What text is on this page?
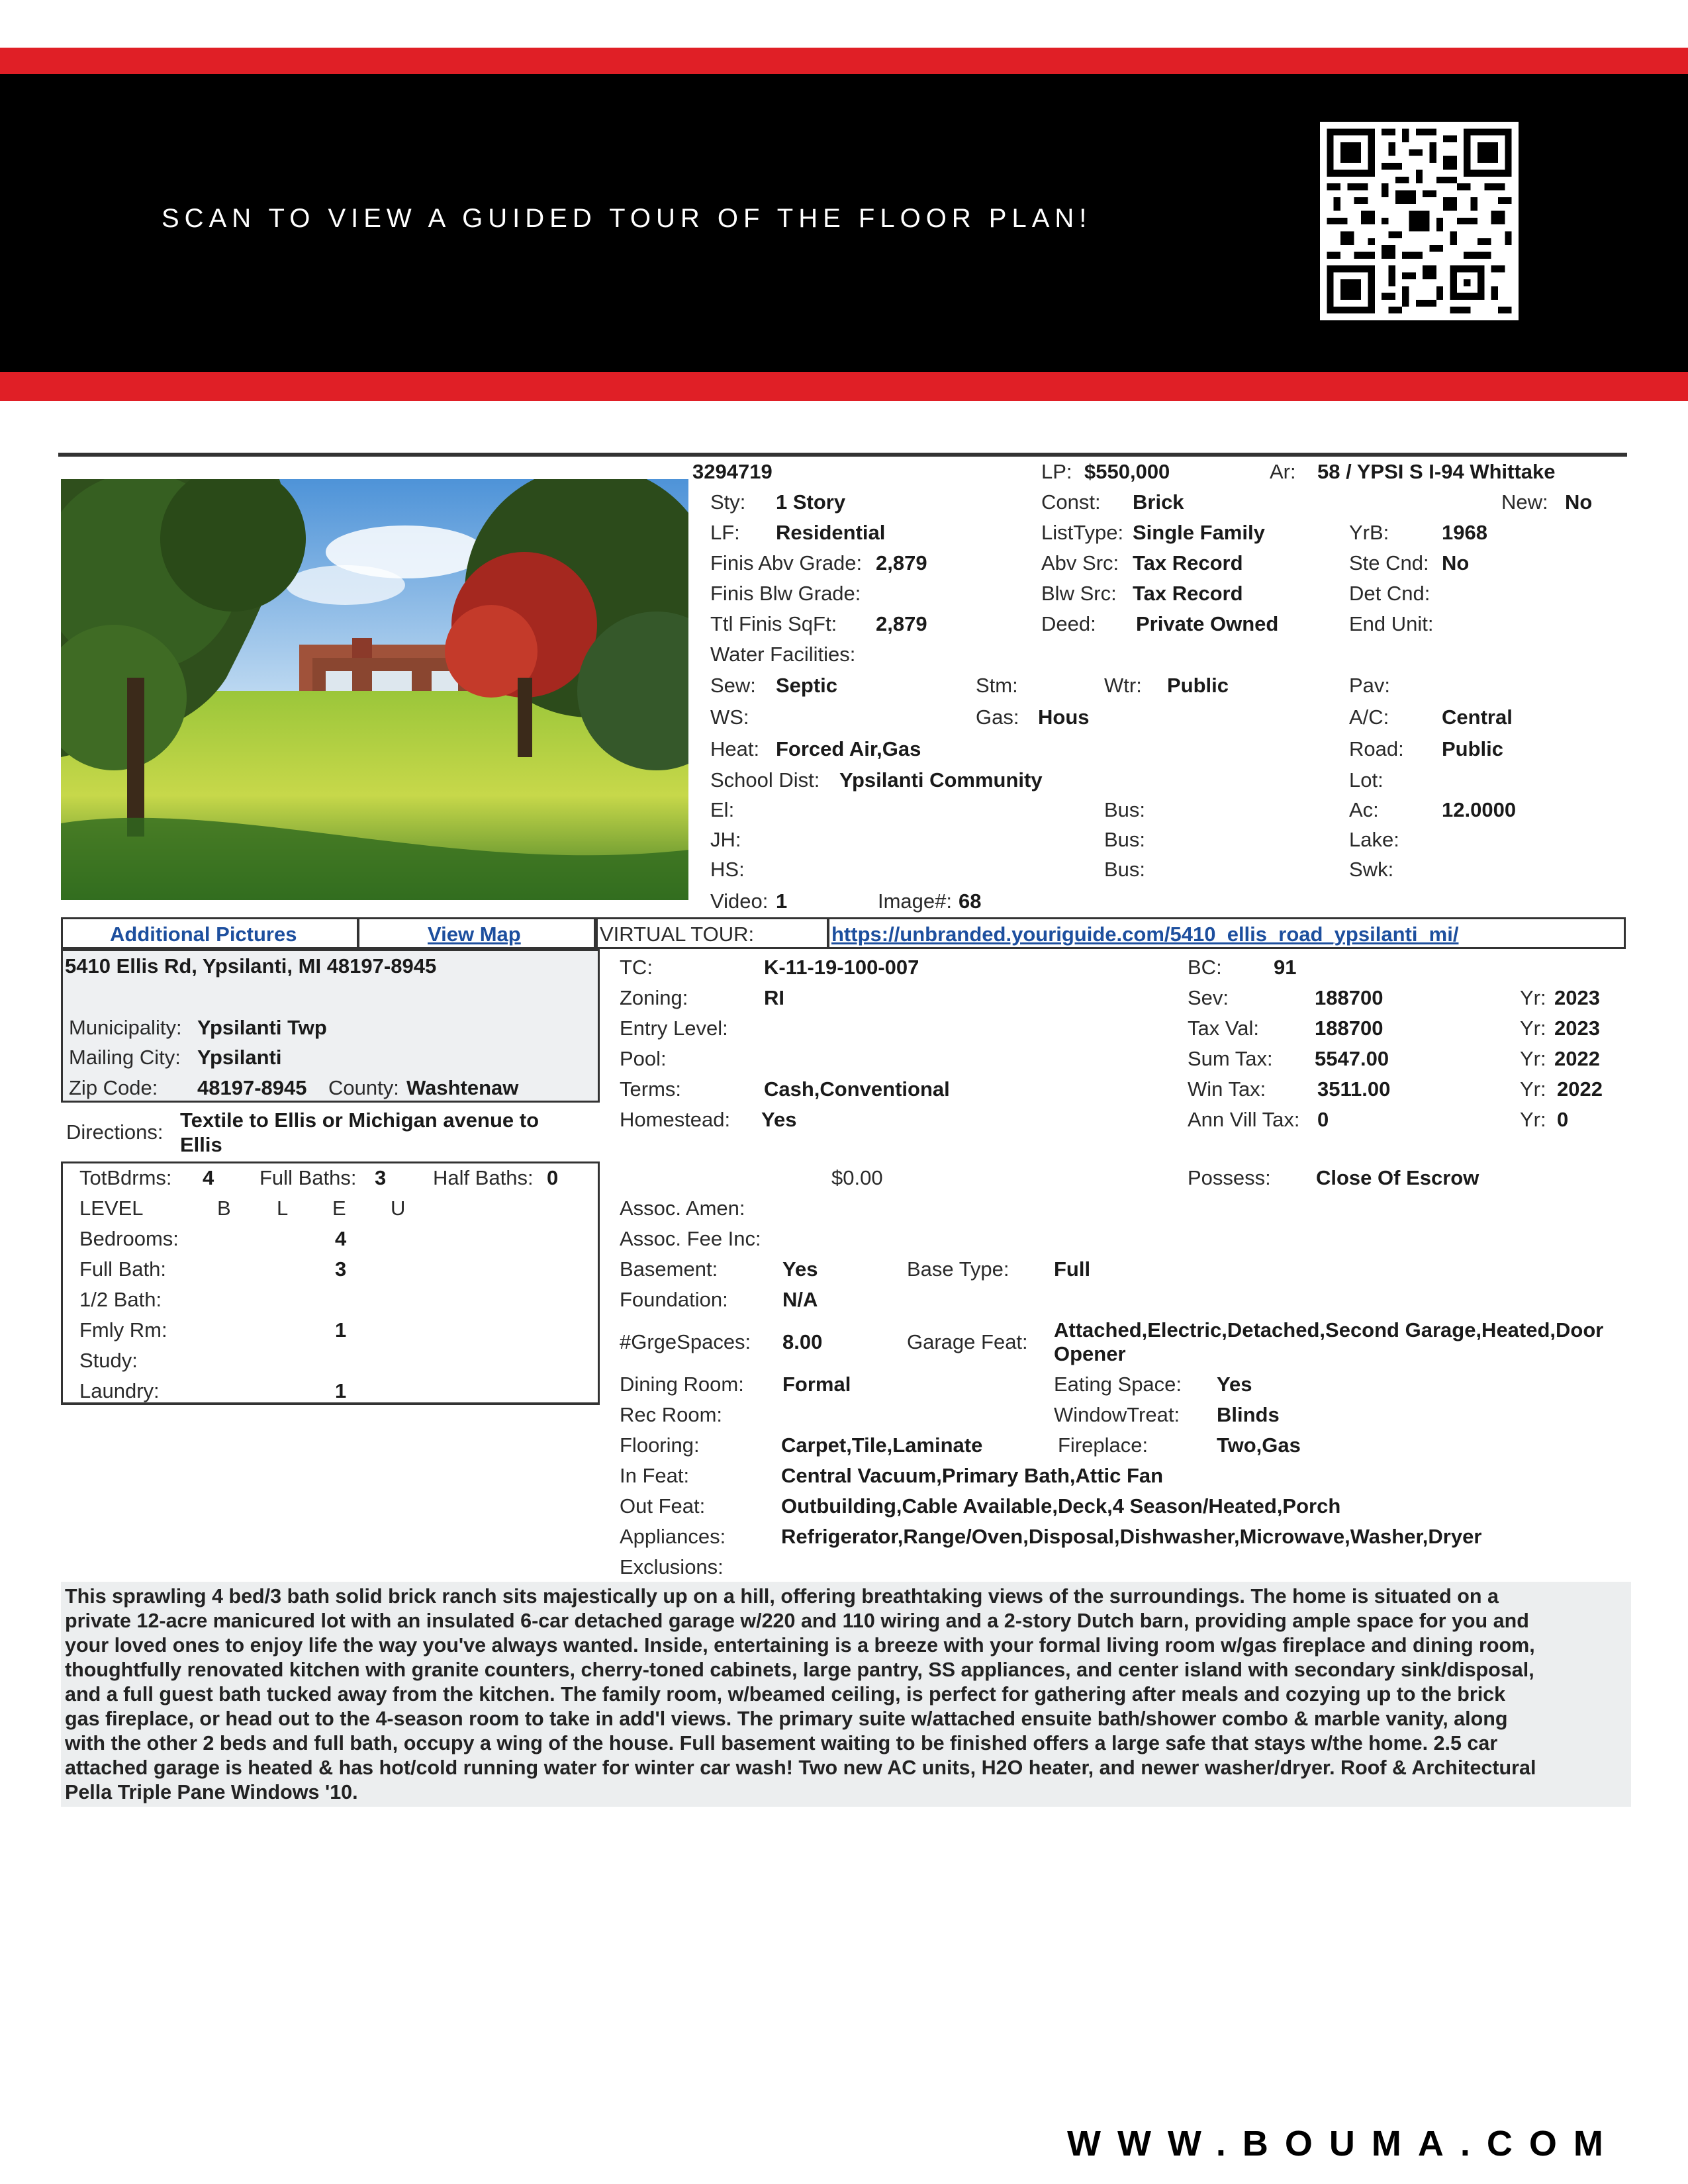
SCAN TO VIEW A GUIDED TOUR OF THE FLOOR PLAN!
3294719	LP: $550,000	Ar: 58 / YPSI S I-94 Whittake
Sty: 1 Story	Const: Brick	New: No
LF: Residential	ListType: Single Family	YrB:	1968
Finis Abv Grade: 2,879	Abv Src: Tax Record	Ste Cnd: No
Finis Blw Grade:	Blw Src: Tax Record	Det Cnd:
Ttl Finis SqFt: 2,879	Deed: Private Owned	End Unit:
Water Facilities:
Sew: Septic	Stm:	Wtr: Public	Pav:
WS:	Gas: Hous	A/C:	Central
Heat: Forced Air,Gas	Road: Public
School Dist: Ypsilanti Community	Lot:
El:	Bus:	Ac:	12.0000
JH:	Bus:	Lake:
HS:	Bus:	Swk:
Video: 1	Image#: 68
Additional Pictures	View Map	VIRTUAL TOUR:	https://unbranded.youriguide.com/5410_ellis_road_ypsilanti_mi/
5410 Ellis Rd, Ypsilanti, MI 48197-8945
Municipality: Ypsilanti Twp
Mailing City: Ypsilanti
Zip Code: 48197-8945 County: Washtenaw
Directions:
Textile to Ellis or Michigan avenue to
Ellis
TC:	K-11-19-100-007	BC:	91
Zoning:	RI	Sev:	188700	Yr: 2023
Entry Level:	Tax Val:	188700	Yr: 2023
Pool:	Sum Tax: 5547.00	Yr: 2022
Terms:	Cash,Conventional	Win Tax:	3511.00	Yr: 2022
Homestead: Yes	Ann Vill Tax: 0	Yr: 0
TotBdrms: 4 Full Baths: 3 Half Baths: 0
LEVEL	B L E U
Bedrooms:	4
Full Bath:	3
1/2 Bath:
Fmly Rm:	1
Study:
Laundry:	1
$0.00	Possess: Close Of Escrow
Assoc. Amen:
Assoc. Fee Inc:
Basement:	Yes	Base Type: Full
Foundation:	N/A
#GrgeSpaces: 8.00	Garage Feat:
Attached,Electric,Detached,Second Garage,Heated,Door
Opener
Dining Room: Formal	Eating Space: Yes
Rec Room:	WindowTreat: Blinds
Flooring:	Carpet,Tile,Laminate	Fireplace:	Two,Gas
In Feat:	Central Vacuum,Primary Bath,Attic Fan
Out Feat:	Outbuilding,Cable Available,Deck,4 Season/Heated,Porch
Appliances:	Refrigerator,Range/Oven,Disposal,Dishwasher,Microwave,Washer,Dryer
Exclusions:
This sprawling 4 bed/3 bath solid brick ranch sits majestically up on a hill, offering breathtaking views of the surroundings. The home is situated on a
private 12-acre manicured lot with an insulated 6-car detached garage w/220 and 110 wiring and a 2-story Dutch barn, providing ample space for you and
your loved ones to enjoy life the way you've always wanted. Inside, entertaining is a breeze with your formal living room w/gas fireplace and dining room,
thoughtfully renovated kitchen with granite counters, cherry-toned cabinets, large pantry, SS appliances, and center island with secondary sink/disposal,
and a full guest bath tucked away from the kitchen. The family room, w/beamed ceiling, is perfect for gathering after meals and cozying up to the brick
gas fireplace, or head out to the 4-season room to take in add'l views. The primary suite w/attached ensuite bath/shower combo & marble vanity, along
with the other 2 beds and full bath, occupy a wing of the house. Full basement waiting to be finished offers a large safe that stays w/the home. 2.5 car
attached garage is heated & has hot/cold running water for winter car wash! Two new AC units, H2O heater, and newer washer/dryer. Roof & Architectural
Pella Triple Pane Windows '10.
WWW.BOUMA.COM
